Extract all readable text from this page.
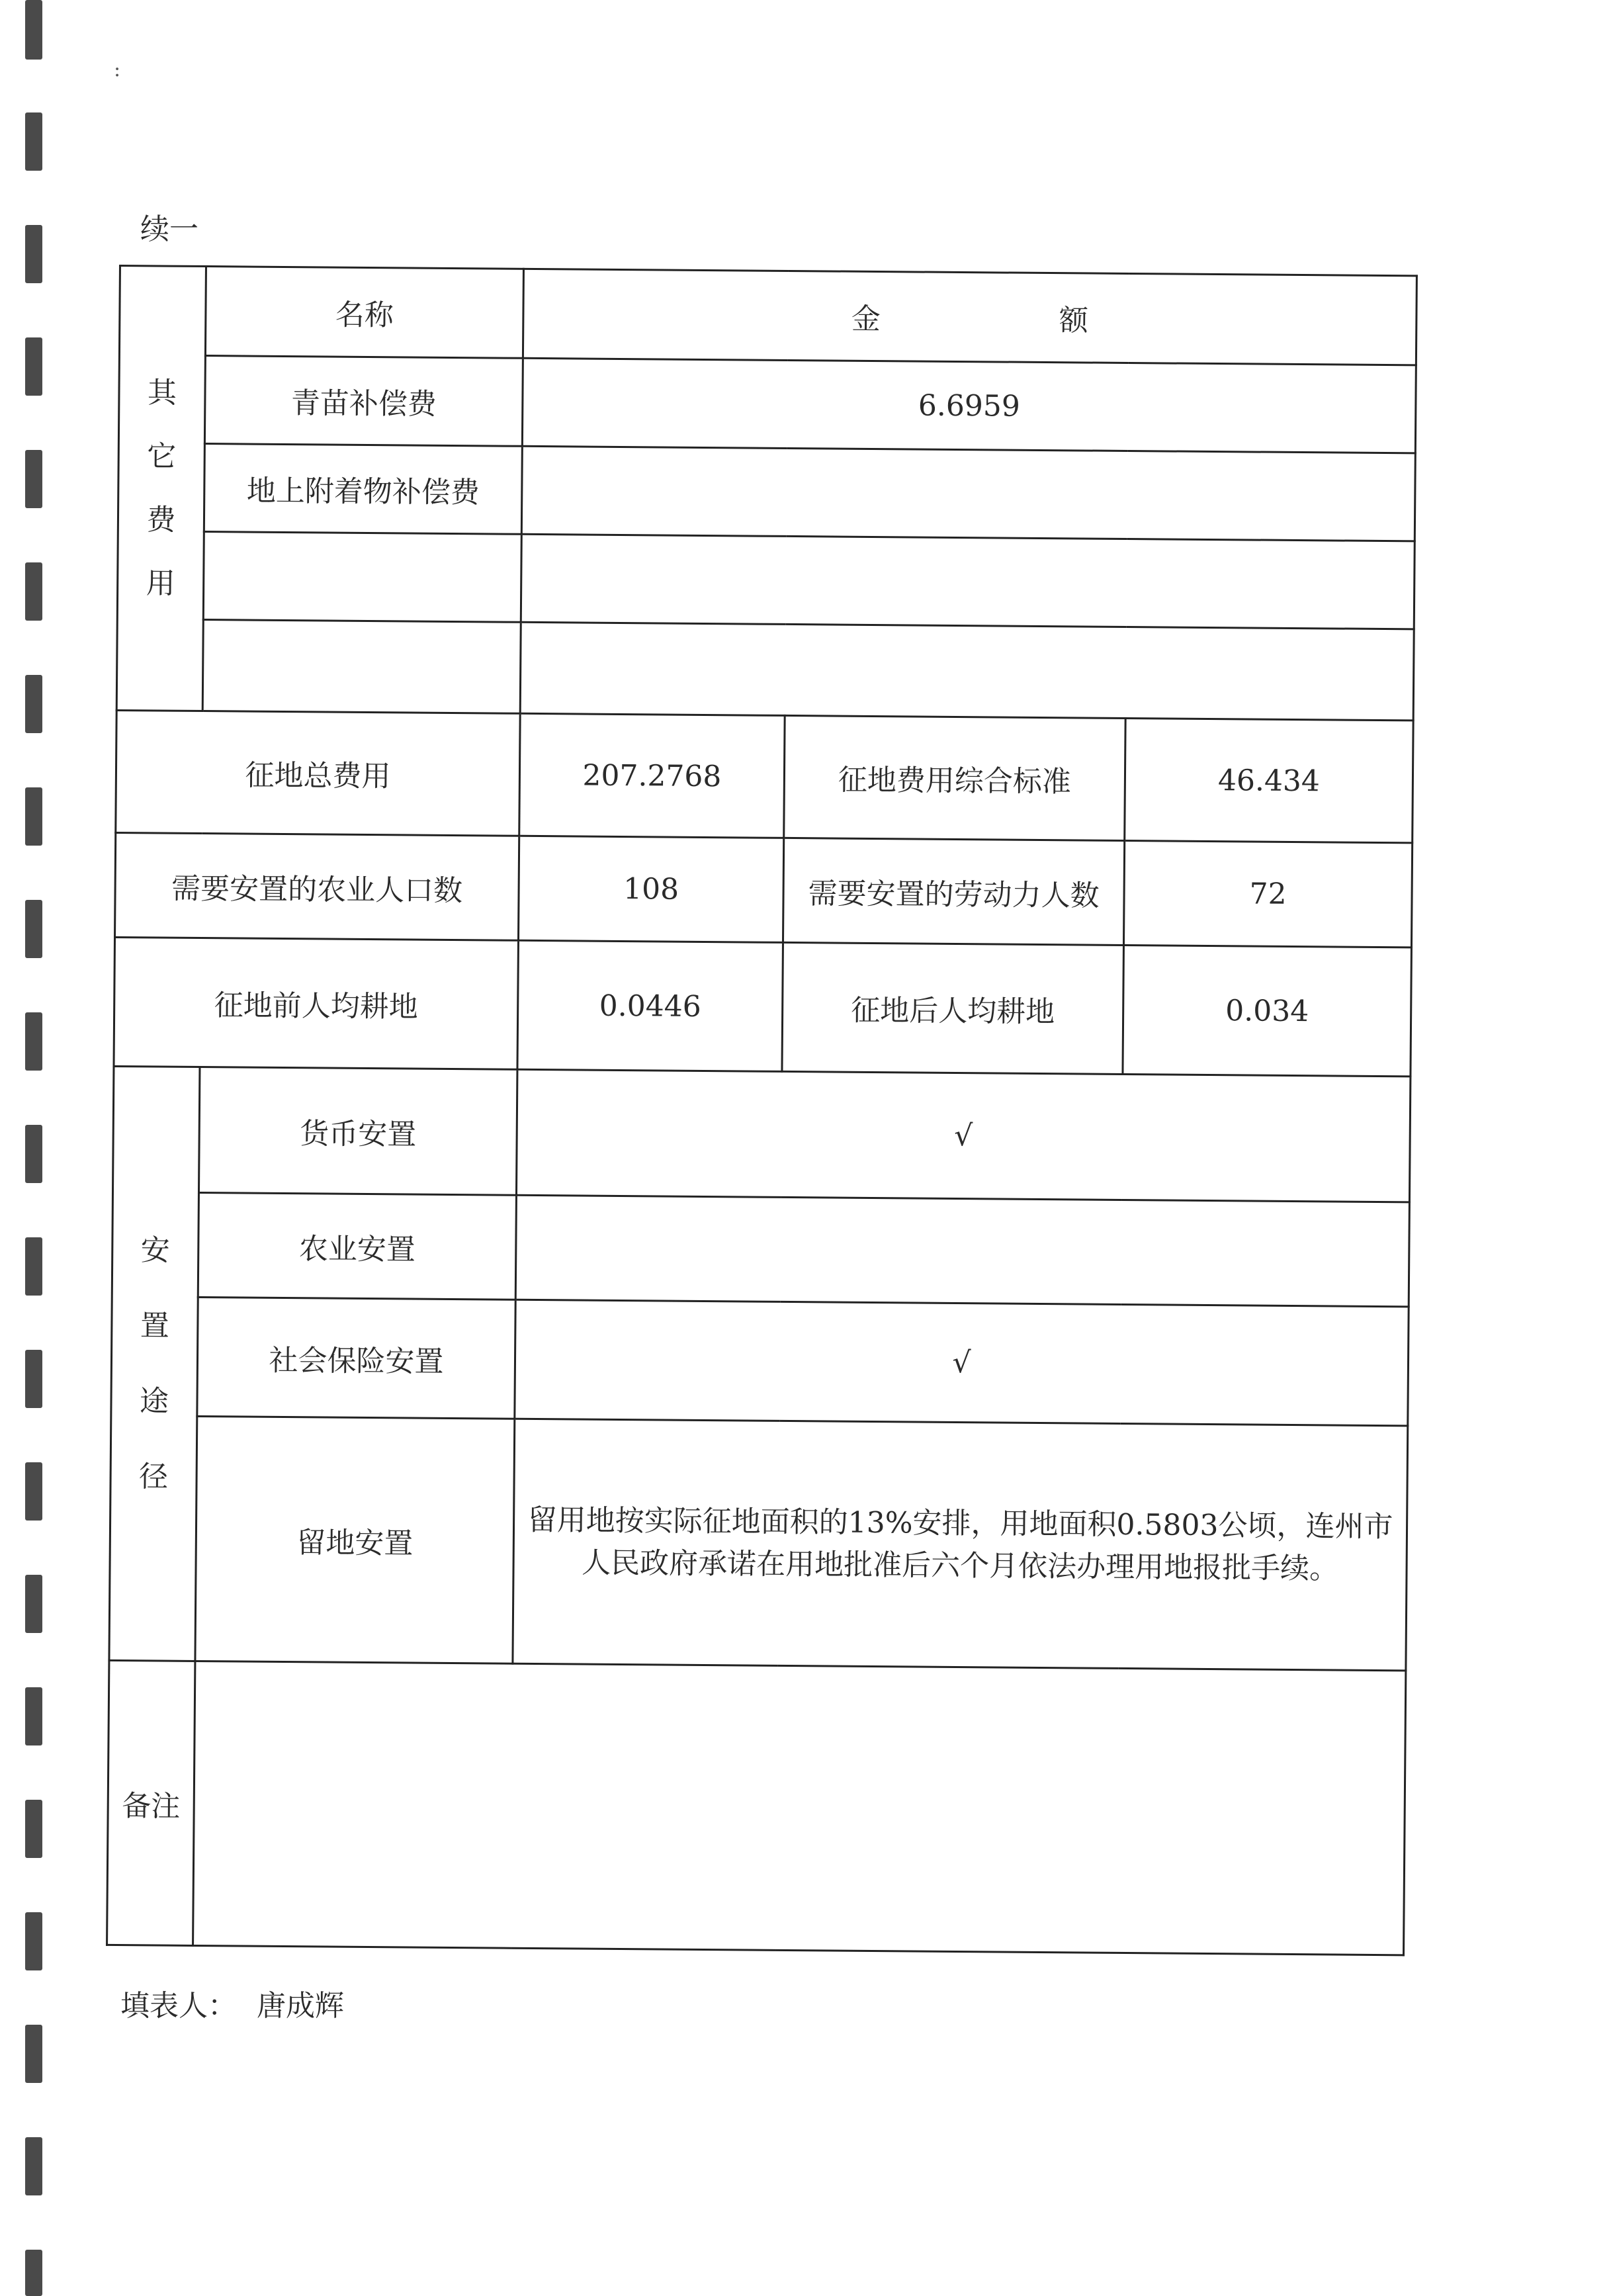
:
续一
其
它
费
用	名称	金 额		
	青苗补偿费	6.6959		
	地上附着物补偿费			

征地总费用		207.2768	征地费用综合标准	46.434
需要安置的农业人口数		108	需要安置的劳动力人数	72
征地前人均耕地		0.0446	征地后人均耕地	0.034

安
置
途
径	货币安置	√		
	农业安置			
	社会保险安置	√		
	留地安置	留用地按实际征地面积的13%安排，用地面积0.5803公顷，连州市人民政府承诺在用地批准后六个月依法办理用地报批手续。		
备注				
填表人： 唐成辉
